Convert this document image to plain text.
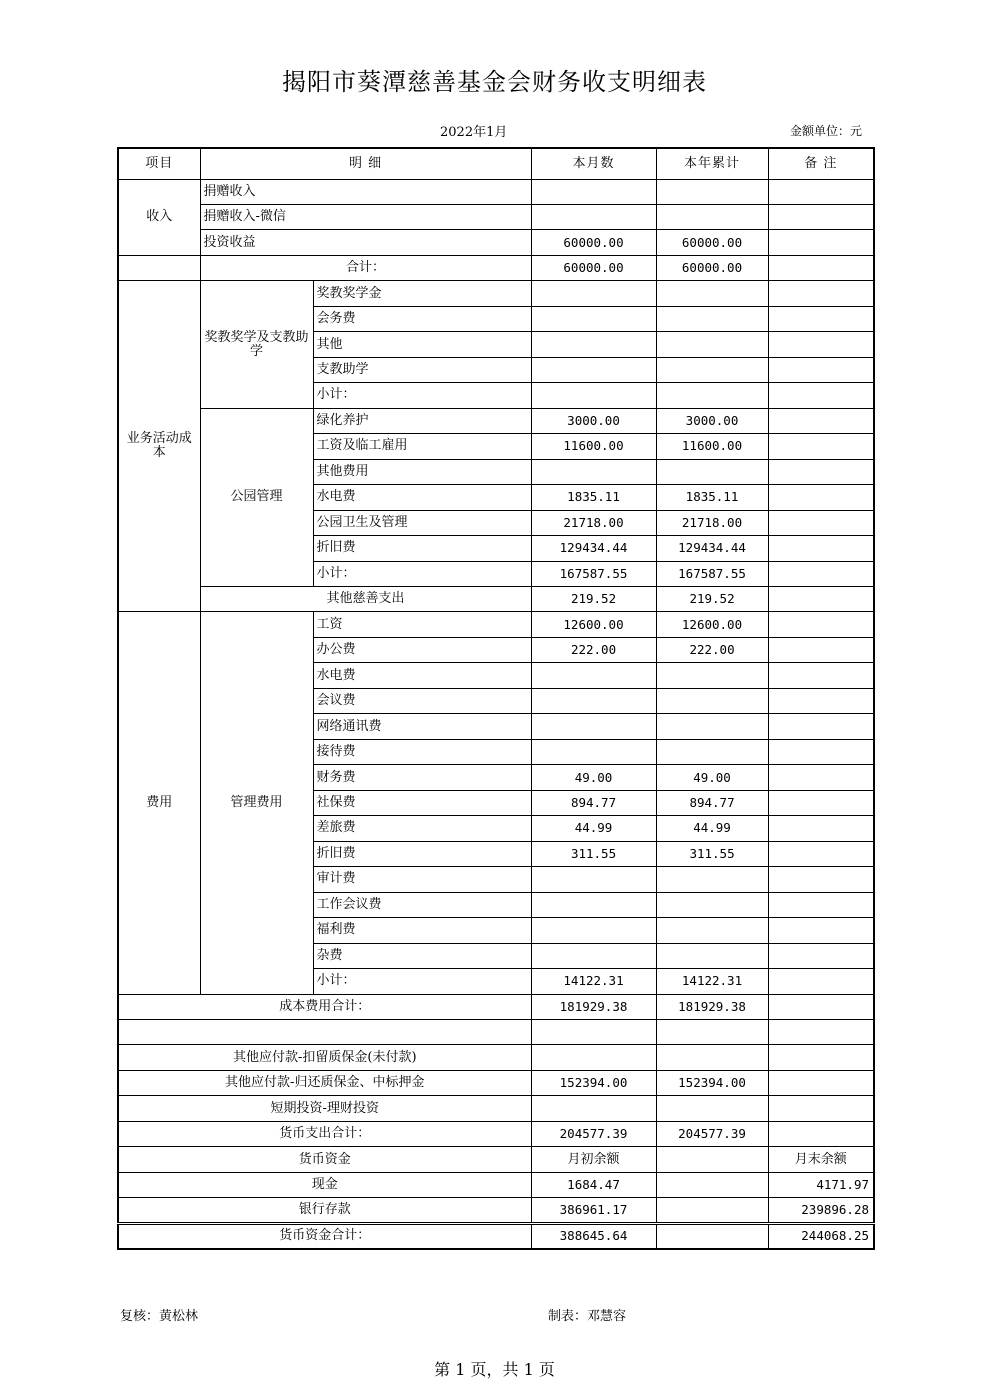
揭阳市葵潭慈善基金会财务收支明细表
2022年1月	金额单位：元
项目	明 细		本月数	本年累计	备 注
收入	捐赠收入				
	捐赠收入-微信				
	投资收益		60000.00	60000.00	
	合计：		60000.00	60000.00	
业务活动成本	奖教奖学及支教助学	奖教奖学金			
		会务费			
		其他			
		支教助学			
		小计：			
	公园管理	绿化养护	3000.00	3000.00	
		工资及临工雇用	11600.00	11600.00	
		其他费用			
		水电费	1835.11	1835.11	
		公园卫生及管理	21718.00	21718.00	
		折旧费	129434.44	129434.44	
		小计：	167587.55	167587.55	
	其他慈善支出		219.52	219.52	
费用	管理费用	工资	12600.00	12600.00	
		办公费	222.00	222.00	
		水电费			
		会议费			
		网络通讯费			
		接待费			
		财务费	49.00	49.00	
		社保费	894.77	894.77	
		差旅费	44.99	44.99	
		折旧费	311.55	311.55	
		审计费			
		工作会议费			
		福利费			
		杂费			
		小计：	14122.31	14122.31	
成本费用合计：			181929.38	181929.38	

其他应付款-扣留质保金(未付款)					
其他应付款-归还质保金、中标押金			152394.00	152394.00	
短期投资-理财投资					
货币支出合计：			204577.39	204577.39	
货币资金			月初余额		月末余额
现金			1684.47		4171.97
银行存款			386961.17		239896.28
货币资金合计：			388645.64		244068.25
复核：黄松林	制表：邓慧容
第 1 页，共 1 页
